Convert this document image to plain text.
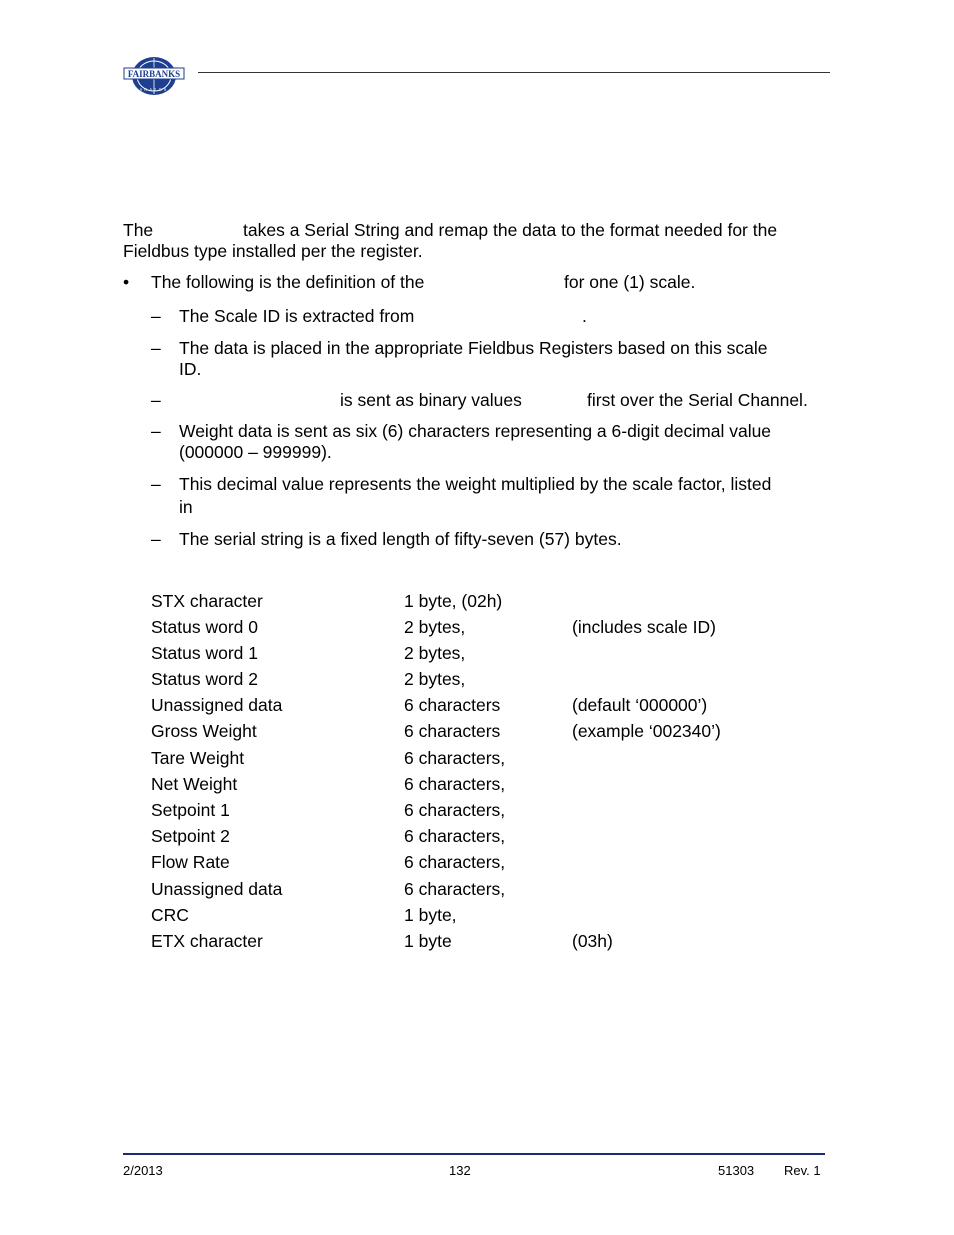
FAIRBANKS
SCALES
The	takes a Serial String and remap the data to the format needed for the
Fieldbus type installed per the register.
• The following is the definition of the	for one (1) scale.
– The Scale ID is extracted from	.
– The data is placed in the appropriate Fieldbus Registers based on this scale
ID.
–	is sent as binary values	first over the Serial Channel.
– Weight data is sent as six (6) characters representing a 6-digit decimal value
(000000 – 999999).
– This decimal value represents the weight multiplied by the scale factor, listed
in
– The serial string is a fixed length of fifty-seven (57) bytes.
STX character	1 byte, (02h)
Status word 0	2 bytes,	(includes scale ID)
Status word 1	2 bytes,
Status word 2	2 bytes,
Unassigned data	6 characters	(default ‘000000’)
Gross Weight	6 characters	(example ‘002340’)
Tare Weight	6 characters,
Net Weight	6 characters,
Setpoint 1	6 characters,
Setpoint 2	6 characters,
Flow Rate	6 characters,
Unassigned data	6 characters,
CRC	1 byte,
ETX character	1 byte	(03h)
2/2013	132	51303 Rev. 1
